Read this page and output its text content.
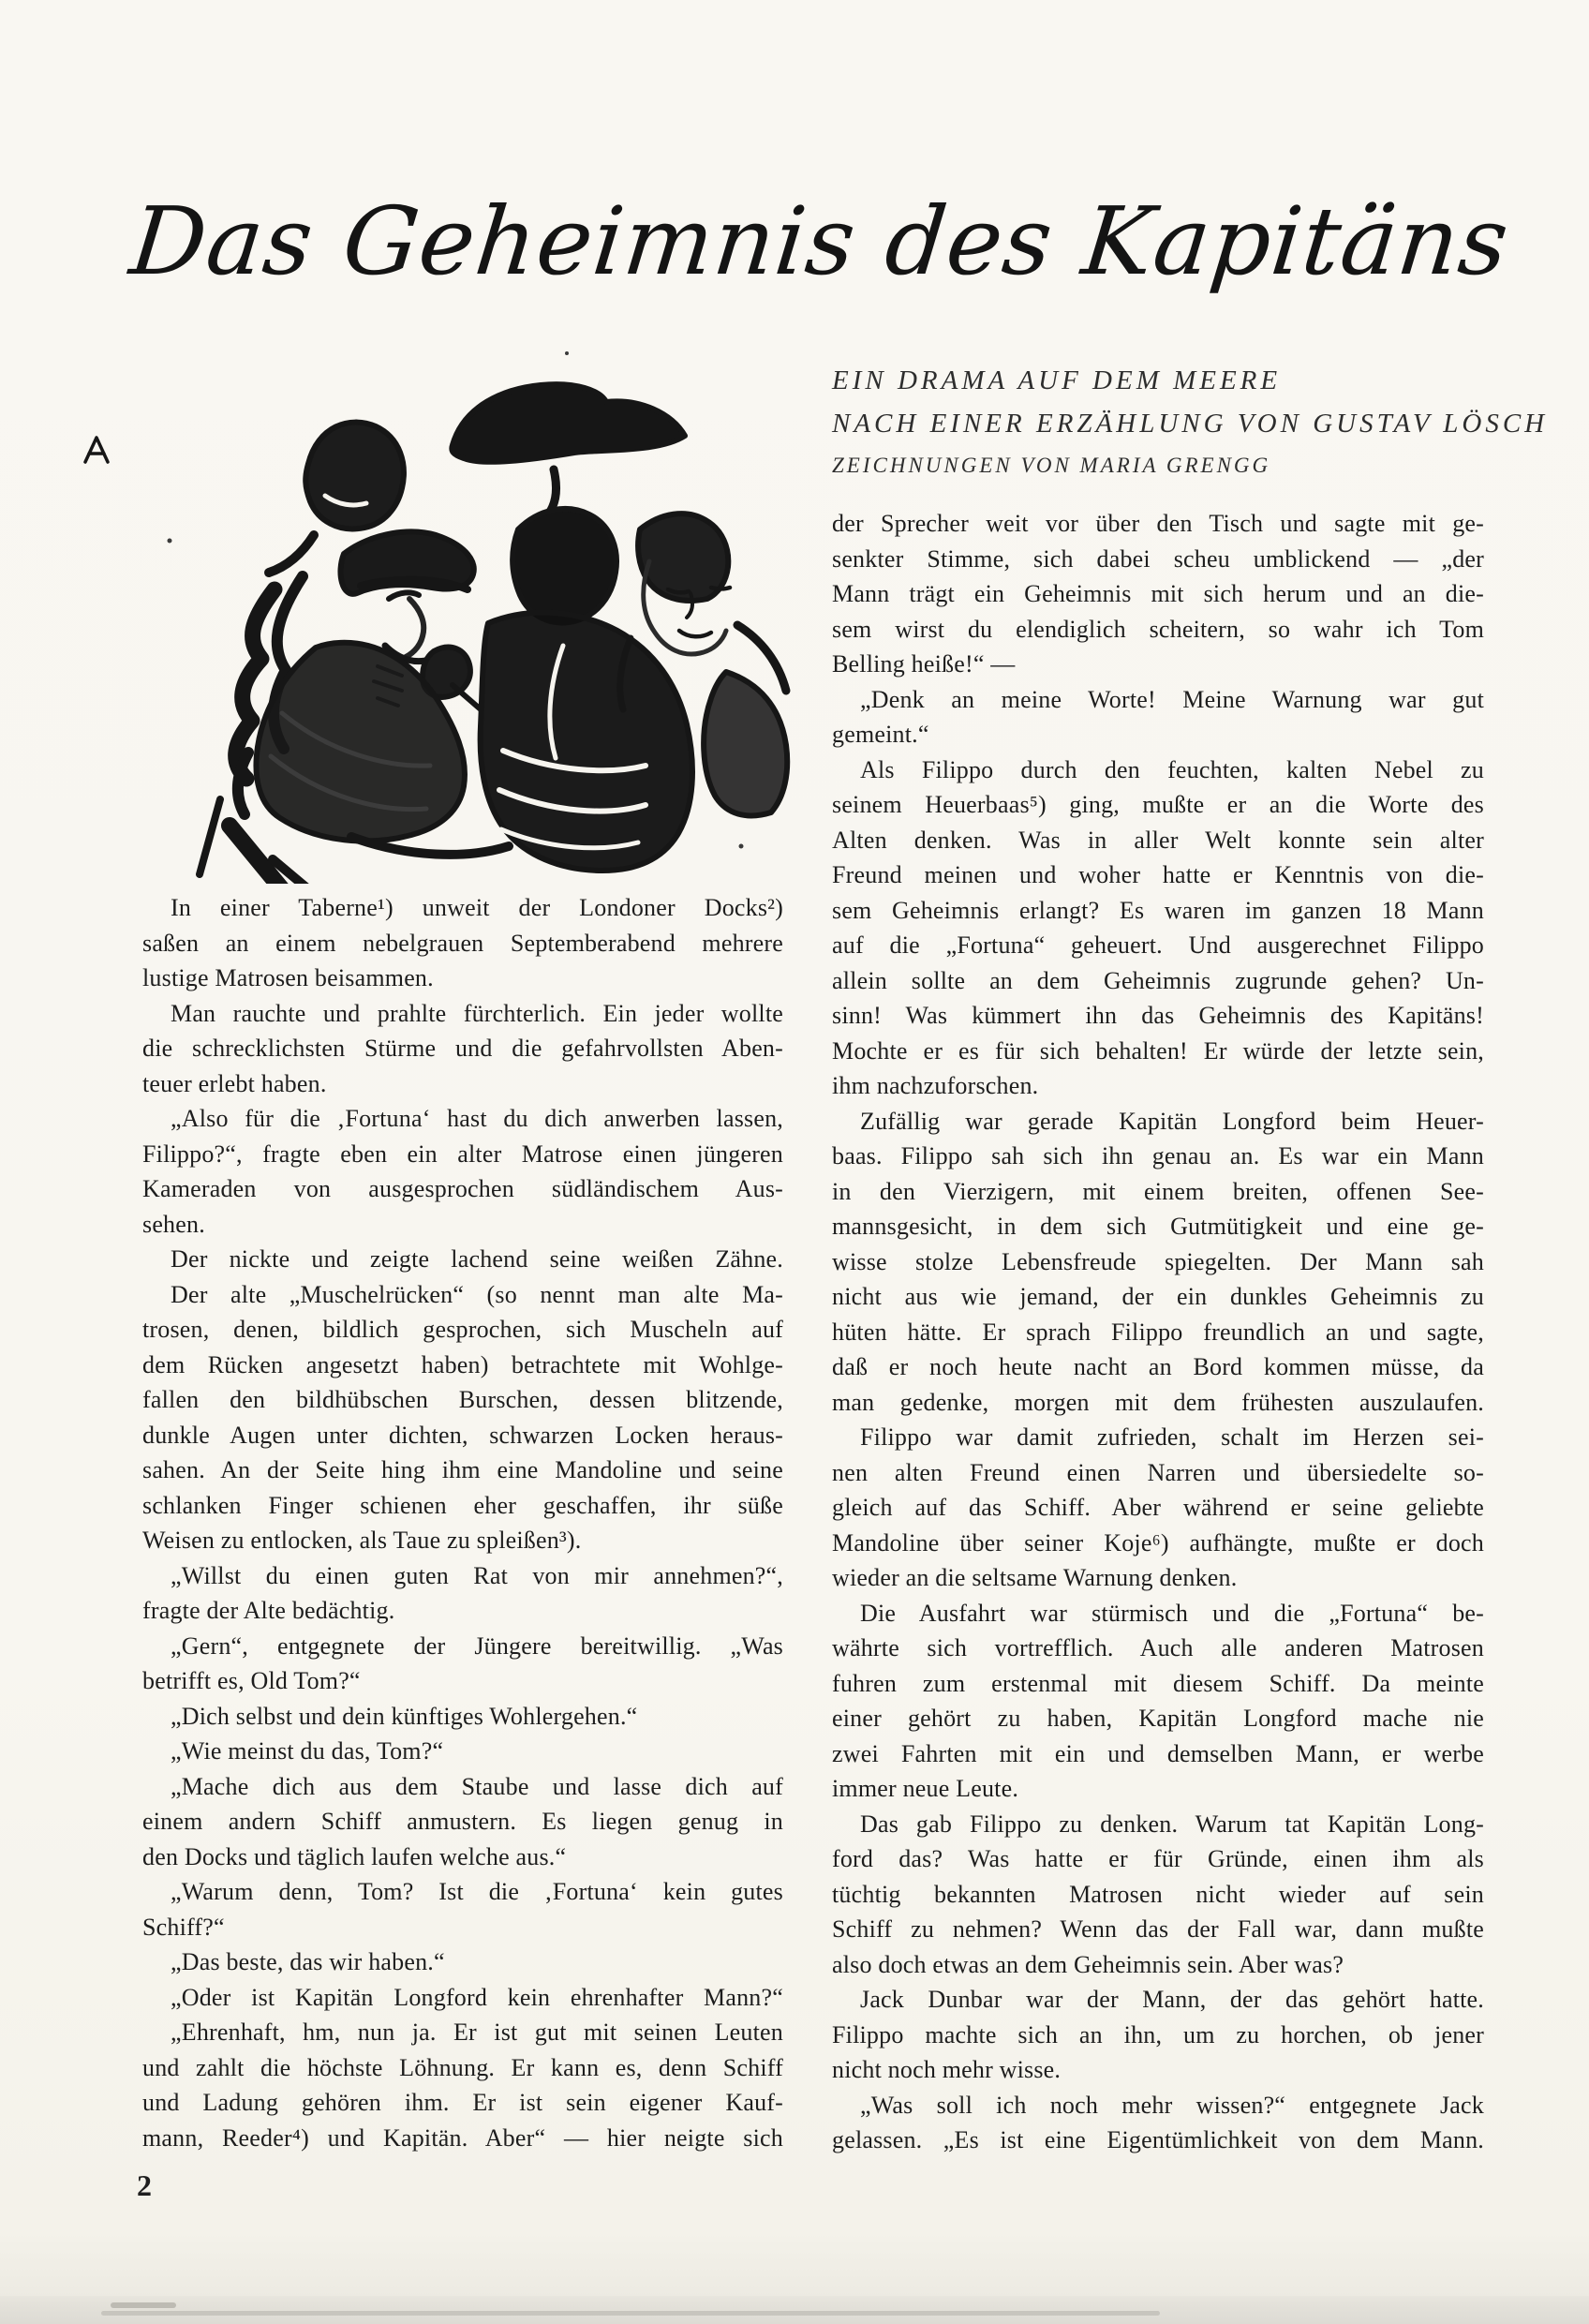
Das Geheimnis des Kapitäns
EIN DRAMA AUF DEM MEERE
NACH EINER ERZÄHLUNG VON GUSTAV LÖSCH
ZEICHNUNGEN VON MARIA GRENGG
In einer Taberne¹) unweit der Londoner Docks²)
saßen an einem nebelgrauen Septemberabend mehrere
lustige Matrosen beisammen.
Man rauchte und prahlte fürchterlich. Ein jeder wollte
die schrecklichsten Stürme und die gefahrvollsten Aben-
teuer erlebt haben.
„Also für die ‚Fortuna‘ hast du dich anwerben lassen,
Filippo?“, fragte eben ein alter Matrose einen jüngeren
Kameraden von ausgesprochen südländischem Aus-
sehen.
Der nickte und zeigte lachend seine weißen Zähne.
Der alte „Muschelrücken“ (so nennt man alte Ma-
trosen, denen, bildlich gesprochen, sich Muscheln auf
dem Rücken angesetzt haben) betrachtete mit Wohlge-
fallen den bildhübschen Burschen, dessen blitzende,
dunkle Augen unter dichten, schwarzen Locken heraus-
sahen. An der Seite hing ihm eine Mandoline und seine
schlanken Finger schienen eher geschaffen, ihr süße
Weisen zu entlocken, als Taue zu spleißen³).
„Willst du einen guten Rat von mir annehmen?“,
fragte der Alte bedächtig.
„Gern“, entgegnete der Jüngere bereitwillig. „Was
betrifft es, Old Tom?“
„Dich selbst und dein künftiges Wohlergehen.“
„Wie meinst du das, Tom?“
„Mache dich aus dem Staube und lasse dich auf
einem andern Schiff anmustern. Es liegen genug in
den Docks und täglich laufen welche aus.“
„Warum denn, Tom? Ist die ‚Fortuna‘ kein gutes
Schiff?“
„Das beste, das wir haben.“
„Oder ist Kapitän Longford kein ehrenhafter Mann?“
„Ehrenhaft, hm, nun ja. Er ist gut mit seinen Leuten
und zahlt die höchste Löhnung. Er kann es, denn Schiff
und Ladung gehören ihm. Er ist sein eigener Kauf-
mann, Reeder⁴) und Kapitän. Aber“ — hier neigte sich
der Sprecher weit vor über den Tisch und sagte mit ge-
senkter Stimme, sich dabei scheu umblickend — „der
Mann trägt ein Geheimnis mit sich herum und an die-
sem wirst du elendiglich scheitern, so wahr ich Tom
Belling heiße!“ —
„Denk an meine Worte! Meine Warnung war gut
gemeint.“
Als Filippo durch den feuchten, kalten Nebel zu
seinem Heuerbaas⁵) ging, mußte er an die Worte des
Alten denken. Was in aller Welt konnte sein alter
Freund meinen und woher hatte er Kenntnis von die-
sem Geheimnis erlangt? Es waren im ganzen 18 Mann
auf die „Fortuna“ geheuert. Und ausgerechnet Filippo
allein sollte an dem Geheimnis zugrunde gehen? Un-
sinn! Was kümmert ihn das Geheimnis des Kapitäns!
Mochte er es für sich behalten! Er würde der letzte sein,
ihm nachzuforschen.
Zufällig war gerade Kapitän Longford beim Heuer-
baas. Filippo sah sich ihn genau an. Es war ein Mann
in den Vierzigern, mit einem breiten, offenen See-
mannsgesicht, in dem sich Gutmütigkeit und eine ge-
wisse stolze Lebensfreude spiegelten. Der Mann sah
nicht aus wie jemand, der ein dunkles Geheimnis zu
hüten hätte. Er sprach Filippo freundlich an und sagte,
daß er noch heute nacht an Bord kommen müsse, da
man gedenke, morgen mit dem frühesten auszulaufen.
Filippo war damit zufrieden, schalt im Herzen sei-
nen alten Freund einen Narren und übersiedelte so-
gleich auf das Schiff. Aber während er seine geliebte
Mandoline über seiner Koje⁶) aufhängte, mußte er doch
wieder an die seltsame Warnung denken.
Die Ausfahrt war stürmisch und die „Fortuna“ be-
währte sich vortrefflich. Auch alle anderen Matrosen
fuhren zum erstenmal mit diesem Schiff. Da meinte
einer gehört zu haben, Kapitän Longford mache nie
zwei Fahrten mit ein und demselben Mann, er werbe
immer neue Leute.
Das gab Filippo zu denken. Warum tat Kapitän Long-
ford das? Was hatte er für Gründe, einen ihm als
tüchtig bekannten Matrosen nicht wieder auf sein
Schiff zu nehmen? Wenn das der Fall war, dann mußte
also doch etwas an dem Geheimnis sein. Aber was?
Jack Dunbar war der Mann, der das gehört hatte.
Filippo machte sich an ihn, um zu horchen, ob jener
nicht noch mehr wisse.
„Was soll ich noch mehr wissen?“ entgegnete Jack
gelassen. „Es ist eine Eigentümlichkeit von dem Mann.
2
